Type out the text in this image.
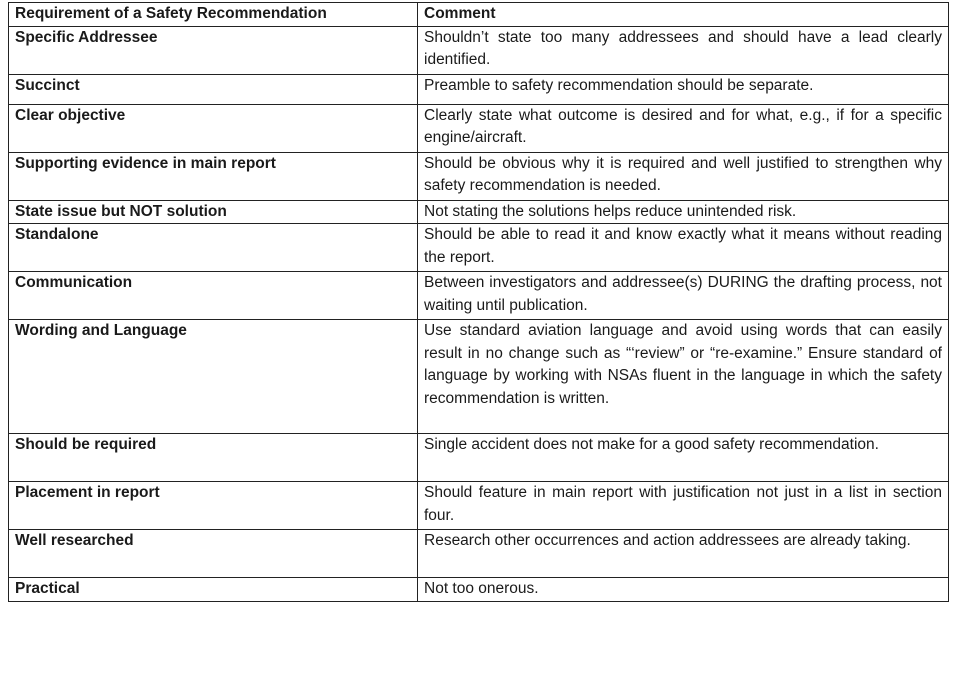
Requirement of a Safety Recommendation	Comment
Specific Addressee	Shouldn’t state too many addressees and should have a lead clearly identified.
Succinct	Preamble to safety recommendation should be separate.
Clear objective	Clearly state what outcome is desired and for what, e.g., if for a specific engine/aircraft.
Supporting evidence in main report	Should be obvious why it is required and well justified to strengthen why safety recommendation is needed.
State issue but NOT solution	Not stating the solutions helps reduce unintended risk.
Standalone	Should be able to read it and know exactly what it means without reading the report.
Communication	Between investigators and addressee(s) DURING the drafting process, not waiting until publication.
Wording and Language	Use standard aviation language and avoid using words that can easily result in no change such as “‘review” or “re-examine.” Ensure standard of language by working with NSAs fluent in the language in which the safety recommendation is written.
Should be required	Single accident does not make for a good safety recommendation.
Placement in report	Should feature in main report with justification not just in a list in section four.
Well researched	Research other occurrences and action addressees are already taking.
Practical	Not too onerous.
